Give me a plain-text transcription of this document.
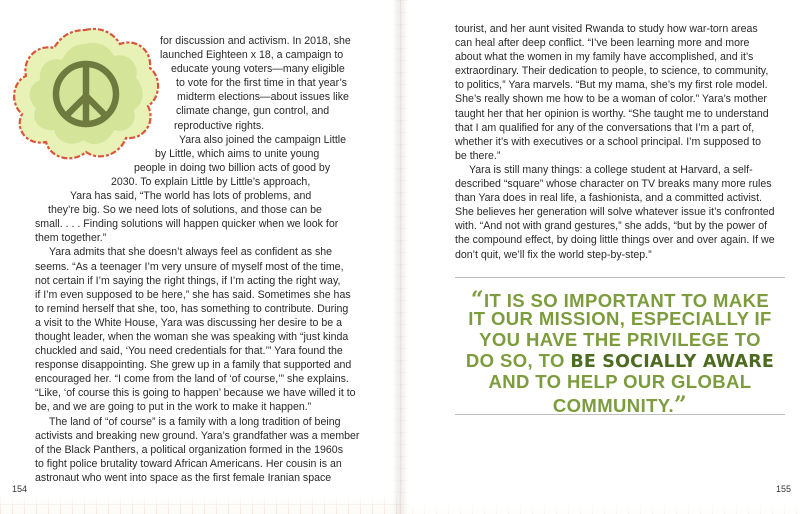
for discussion and activism. In 2018, she
launched Eighteen x 18, a campaign to
educate young voters—many eligible
to vote for the first time in that year’s
midterm elections—about issues like
climate change, gun control, and
reproductive rights.
Yara also joined the campaign Little
by Little, which aims to unite young
people in doing two billion acts of good by
2030. To explain Little by Little’s approach,
Yara has said, “The world has lots of problems, and
they’re big. So we need lots of solutions, and those can be
small. . . . Finding solutions will happen quicker when we look for
them together.”
Yara admits that she doesn’t always feel as confident as she
seems. “As a teenager I’m very unsure of myself most of the time,
not certain if I’m saying the right things, if I’m acting the right way,
if I’m even supposed to be here,” she has said. Sometimes she has
to remind herself that she, too, has something to contribute. During
a visit to the White House, Yara was discussing her desire to be a
thought leader, when the woman she was speaking with “just kinda
chuckled and said, ‘You need credentials for that.’” Yara found the
response disappointing. She grew up in a family that supported and
encouraged her. “I come from the land of ‘of course,’” she explains.
“Like, ‘of course this is going to happen’ because we have willed it to
be, and we are going to put in the work to make it happen.”
The land of “of course” is a family with a long tradition of being
activists and breaking new ground. Yara’s grandfather was a member
of the Black Panthers, a political organization formed in the 1960s
to fight police brutality toward African Americans. Her cousin is an
astronaut who went into space as the first female Iranian space
tourist, and her aunt visited Rwanda to study how war-torn areas
can heal after deep conflict. “I’ve been learning more and more
about what the women in my family have accomplished, and it’s
extraordinary. Their dedication to people, to science, to community,
to politics,” Yara marvels. “But my mama, she’s my first role model.
She’s really shown me how to be a woman of color.” Yara’s mother
taught her that her opinion is worthy. “She taught me to understand
that I am qualified for any of the conversations that I’m a part of,
whether it’s with executives or a school principal. I’m supposed to
be there.”
Yara is still many things: a college student at Harvard, a self-
described “square” whose character on TV breaks many more rules
than Yara does in real life, a fashionista, and a committed activist.
She believes her generation will solve whatever issue it’s confronted
with. “And not with grand gestures,” she adds, “but by the power of
the compound effect, by doing little things over and over again. If we
don’t quit, we’ll fix the world step-by-step.”
“IT IS SO IMPORTANT TO MAKE
IT OUR MISSION, ESPECIALLY IF
YOU HAVE THE PRIVILEGE TO
DO SO, TO BE SOCIALLY AWARE
AND TO HELP OUR GLOBAL
COMMUNITY.”
154	155
